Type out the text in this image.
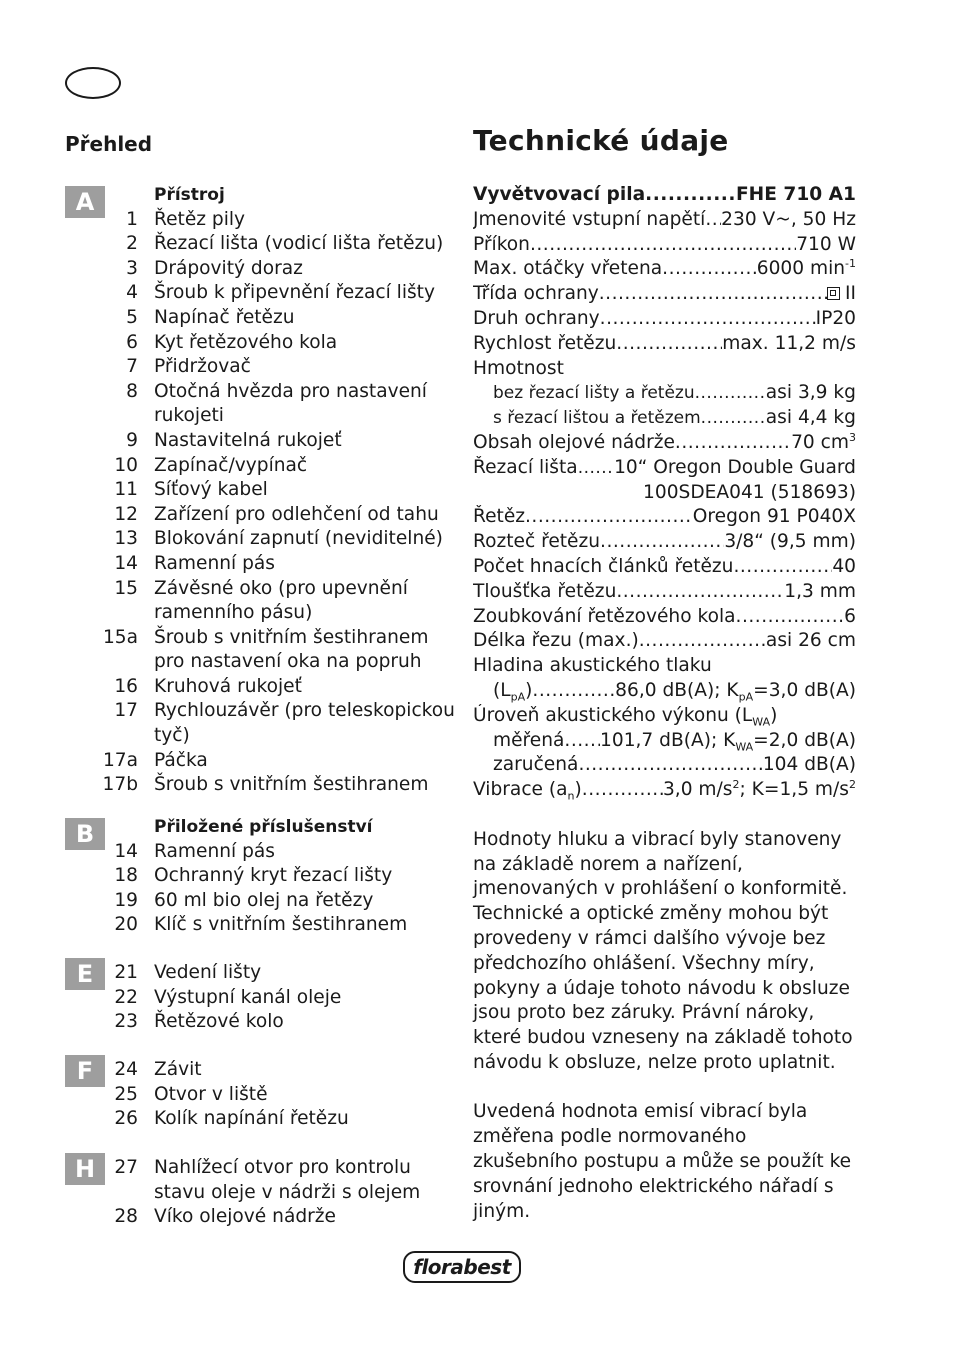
Přehled	Technické údaje
A	Přístroj
1 Řetěz pily
2 Řezací lišta (vodicí lišta řetězu)
3 Drápovitý doraz
4 Šroub k připevnění řezací lišty
5 Napínač řetězu
6 Kyt řetězového kola
7 Přidržovač
8 Otočná hvězda pro nastavení rukojeti
9 Nastavitelná rukojeť
10 Zapínač/vypínač
11 Síťový kabel
12 Zařízení pro odlehčení od tahu
13 Blokování zapnutí (neviditelné)
14 Ramenní pás
15 Závěsné oko (pro upevnění ramenního pásu)
15a Šroub s vnitřním šestihranem pro nastavení oka na popruh
16 Kruhová rukojeť
17 Rychlouzávěr (pro teleskopickou tyč)
17a Páčka
17b Šroub s vnitřním šestihranem
B	Přiložené příslušenství
14 Ramenní pás
18 Ochranný kryt řezací lišty
19 60 ml bio olej na řetězy
20 Klíč s vnitřním šestihranem
E	21 Vedení lišty
22 Výstupní kanál oleje
23 Řetězové kolo
F	24 Závit
25 Otvor v liště
26 Kolík napínání řetězu
H	27 Nahlížecí otvor pro kontrolu stavu oleje v nádrži s olejem
28 Víko olejové nádrže
Vyvětvovací pila .....	FHE 710 A1
Jmenovité vstupní napětí ..... 230 V~, 50 Hz
Příkon .....	710 W
Max. otáčky vřetena .....	6000 $\min^{-1}$
Třída ochrany .....	II
Druh ochrany .....	IP20
Rychlost řetězu .....	max. 11,2 m/s
Hmotnost
bez řezací lišty a řetězu .....	asi 3,9 kg
s řezací lištou a řetězem .....	asi 4,4 kg
Obsah olejové nádrže .....	70 $cm^3$
Řezací lišta ..... 10“ Oregon Double Guard
100SDEA041 (518693)
Řetěz .....	Oregon 91 P040X
Rozteč řetězu .....	3/8“ (9,5 mm)
Počet hnacích článků řetězu .....	40
Tloušťka řetězu .....	1,3 mm
Zoubkování řetězového kola .....	6
Délka řezu (max.) .....	asi 26 cm
Hladina akustického tlaku
$(L_{pA})$ .....	86,0 dB(A); $K_{pA}=3,0$ dB(A)
Úroveň akustického výkonu $(L_{WA})$
měřená ..... 101,7 dB(A); $K_{WA}=2,0$ dB(A)
zaručená .....	104 dB(A)
Vibrace $(a_n)$ .....	3,0 $m/s^2$; K=1,5 $m/s^2$

Hodnoty hluku a vibrací byly stanoveny na základě norem a nařízení, jmenovaných v prohlášení o konformitě.

Technické a optické změny mohou být provedeny v rámci dalšího vývoje bez předchozího ohlášení. Všechny míry, pokyny a údaje tohoto návodu k obsluze jsou proto bez záruky. Právní nároky, které budou vzneseny na základě tohoto návodu k obsluze, nelze proto uplatnit.

Uvedená hodnota emisí vibrací byla změřena podle normovaného zkušebního postupu a může se použít ke srovnání jednoho elektrického nářadí s jiným.

florabest
